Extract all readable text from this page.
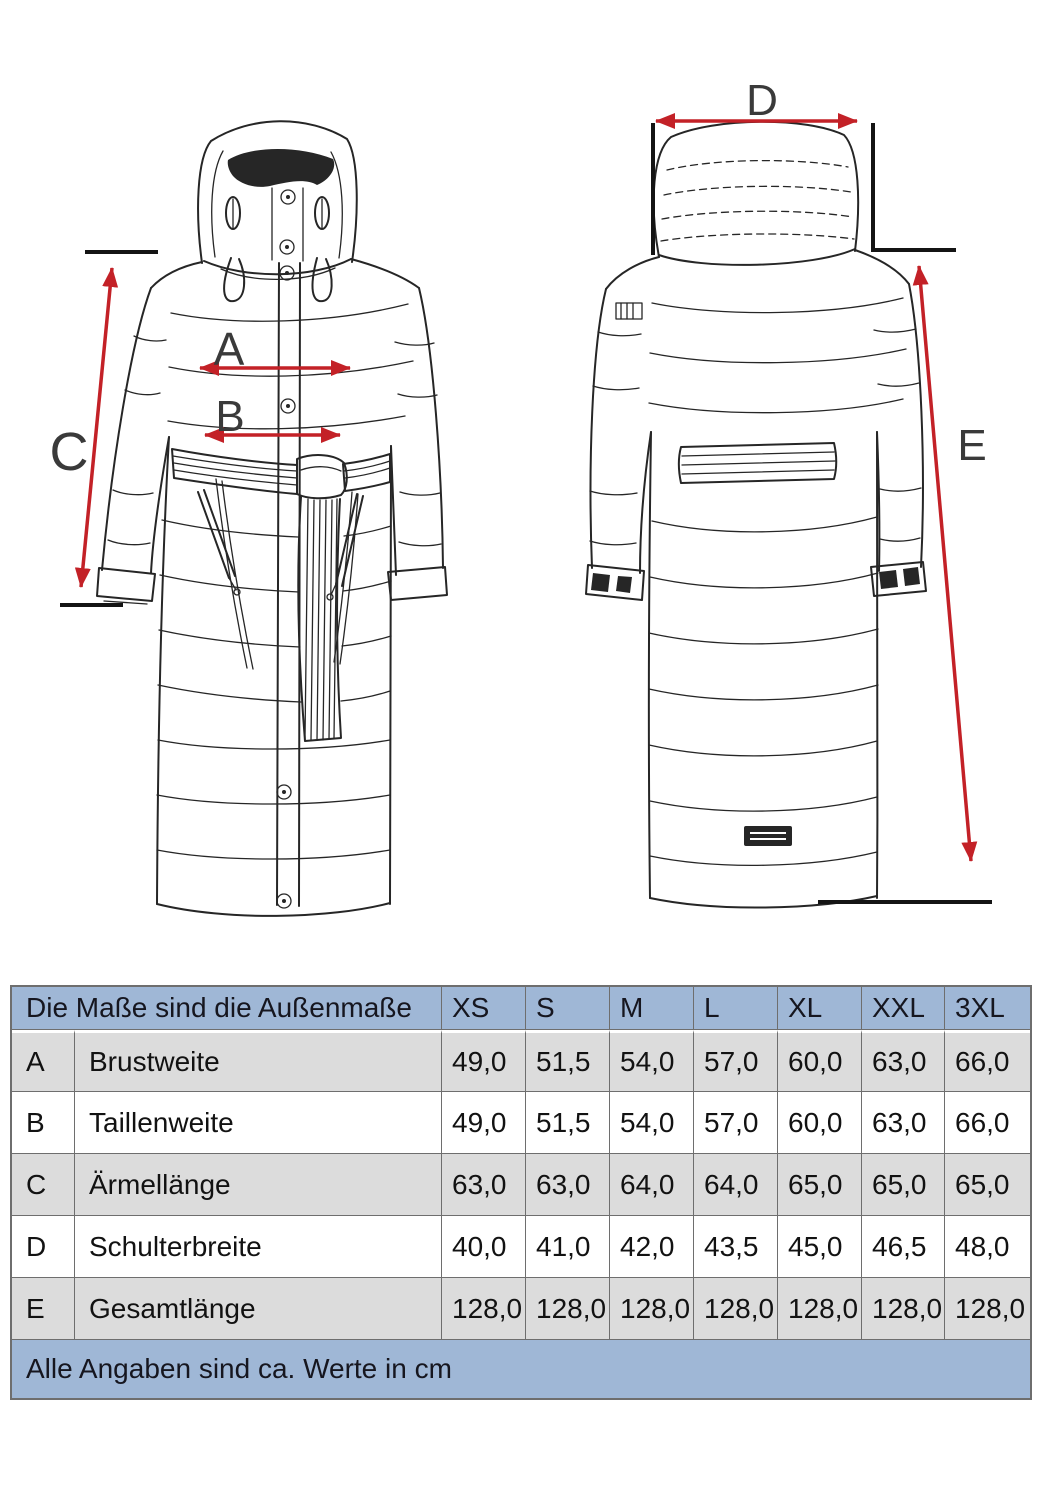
A
B
C
D
E
Die Maße sind die Außenmaße		XS	S	M	L	XL	XXL	3XL
A	Brustweite	49,0	51,5	54,0	57,0	60,0	63,0	66,0
B	Taillenweite	49,0	51,5	54,0	57,0	60,0	63,0	66,0
C	Ärmellänge	63,0	63,0	64,0	64,0	65,0	65,0	65,0
D	Schulterbreite	40,0	41,0	42,0	43,5	45,0	46,5	48,0
E	Gesamtlänge	128,0	128,0	128,0	128,0	128,0	128,0	128,0
Alle Angaben sind ca. Werte in cm								
